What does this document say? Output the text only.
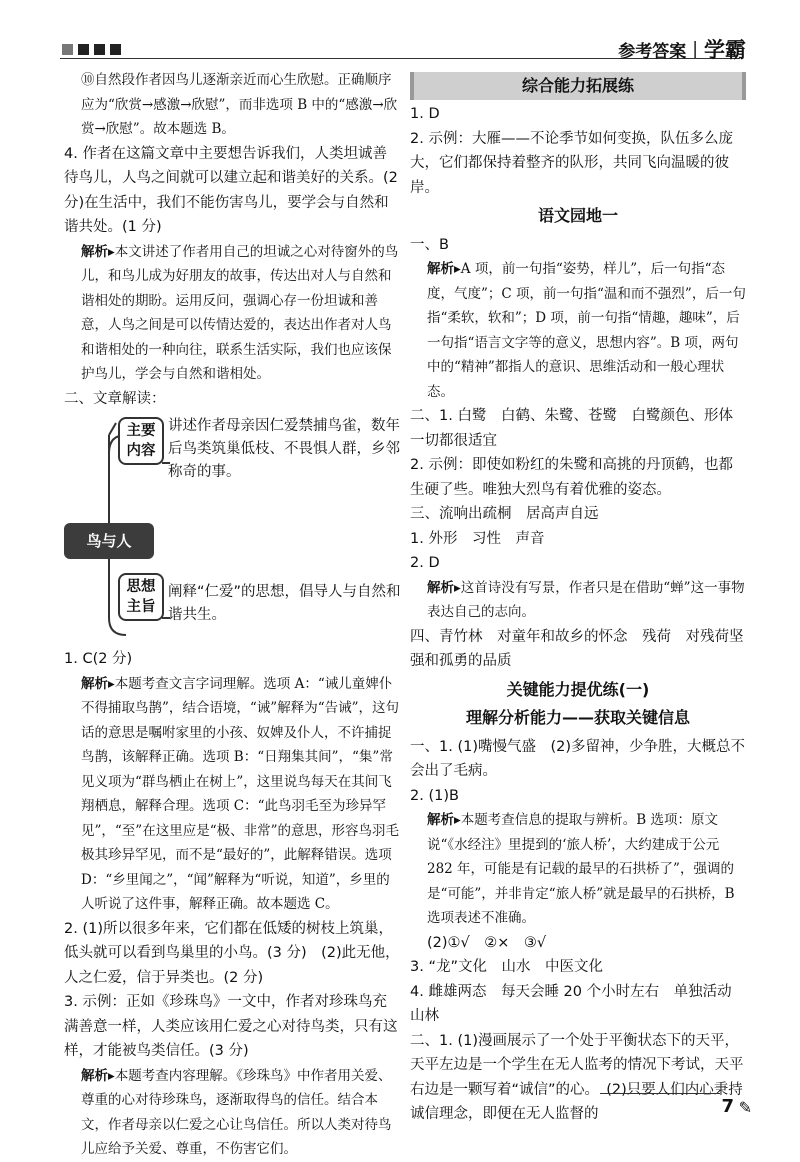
参考答案 | 学霸

⑩自然段作者因鸟儿逐渐亲近而心生欣慰。正确顺序应为“欣赏→感激→欣慰”，而非选项 B 中的“感激→欣赏→欣慰”。故本题选 B。

4. 作者在这篇文章中主要想告诉我们，人类坦诚善待鸟儿，人鸟之间就可以建立起和谐美好的关系。(2 分)在生活中，我们不能伤害鸟儿，要学会与自然和谐共处。(1 分)

解析▸本文讲述了作者用自己的坦诚之心对待窗外的鸟儿，和鸟儿成为好朋友的故事，传达出对人与自然和谐相处的期盼。运用反问，强调心存一份坦诚和善意，人鸟之间是可以传情达爱的，表达出作者对人鸟和谐相处的一种向往，联系生活实际，我们也应该保护鸟儿，学会与自然和谐相处。

二、文章解读：

鸟与人
主要内容
讲述作者母亲因仁爱禁捕鸟雀，数年后鸟类筑巢低枝、不畏惧人群，乡邻称奇的事。
思想主旨
阐释“仁爱”的思想，倡导人与自然和谐共生。

1. C(2 分)

解析▸本题考查文言字词理解。选项 A：“诫儿童婢仆不得捕取鸟鹊”，结合语境，“诫”解释为“告诫”，这句话的意思是嘱咐家里的小孩、奴婢及仆人，不许捕捉鸟鹊，该解释正确。选项 B：“日翔集其间”，“集”常见义项为“群鸟栖止在树上”，这里说鸟每天在其间飞翔栖息，解释合理。选项 C：“此鸟羽毛至为珍异罕见”，“至”在这里应是“极、非常”的意思，形容鸟羽毛极其珍异罕见，而不是“最好的”，此解释错误。选项 D：“乡里闻之”，“闻”解释为“听说，知道”，乡里的人听说了这件事，解释正确。故本题选 C。

2. (1)所以很多年来，它们都在低矮的树枝上筑巢，低头就可以看到鸟巢里的小鸟。(3 分)　(2)此无他，人之仁爱，信于异类也。(2 分)

3. 示例：正如《珍珠鸟》一文中，作者对珍珠鸟充满善意一样，人类应该用仁爱之心对待鸟类，只有这样，才能被鸟类信任。(3 分)

解析▸本题考查内容理解。《珍珠鸟》中作者用关爱、尊重的心对待珍珠鸟，逐渐取得鸟的信任。结合本文，作者母亲以仁爱之心让鸟信任。所以人类对待鸟儿应给予关爱、尊重，不伤害它们。

综合能力拓展练

1. D

2. 示例：大雁——不论季节如何变换，队伍多么庞大，它们都保持着整齐的队形，共同飞向温暖的彼岸。

语文园地一

一、B

解析▸A 项，前一句指“姿势，样儿”，后一句指“态度，气度”；C 项，前一句指“温和而不强烈”，后一句指“柔软，软和”；D 项，前一句指“情趣，趣味”，后一句指“语言文字等的意义，思想内容”。B 项，两句中的“精神”都指人的意识、思维活动和一般心理状态。

二、1. 白鹭　白鹤、朱鹭、苍鹭　白鹭颜色、形体一切都很适宜

2. 示例：即使如粉红的朱鹭和高挑的丹顶鹤，也都生硬了些。唯独大烈鸟有着优雅的姿态。

三、流响出疏桐　居高声自远

1. 外形　习性　声音

2. D

解析▸这首诗没有写景，作者只是在借助“蝉”这一事物表达自己的志向。

四、青竹林　对童年和故乡的怀念　残荷　对残荷坚强和孤勇的品质

关键能力提优练(一)
理解分析能力——获取关键信息

一、1. (1)嘴慢气盛　(2)多留神，少争胜，大概总不会出了毛病。

2. (1)B

解析▸本题考查信息的提取与辨析。B 选项：原文说“《水经注》里提到的‘旅人桥’，大约建成于公元 282 年，可能是有记载的最早的石拱桥了”，强调的是“可能”，并非肯定“旅人桥”就是最早的石拱桥，B 选项表述不准确。

(2)①√　②×　③√

3. “龙”文化　山水　中医文化

4. 雌雄两态　每天会睡 20 个小时左右　单独活动　山林

二、1. (1)漫画展示了一个处于平衡状态下的天平，天平左边是一个学生在无人监考的情况下考试，天平右边是一颗写着“诚信”的心。　(2)只要人们内心秉持诚信理念，即便在无人监督的	7 ✎
